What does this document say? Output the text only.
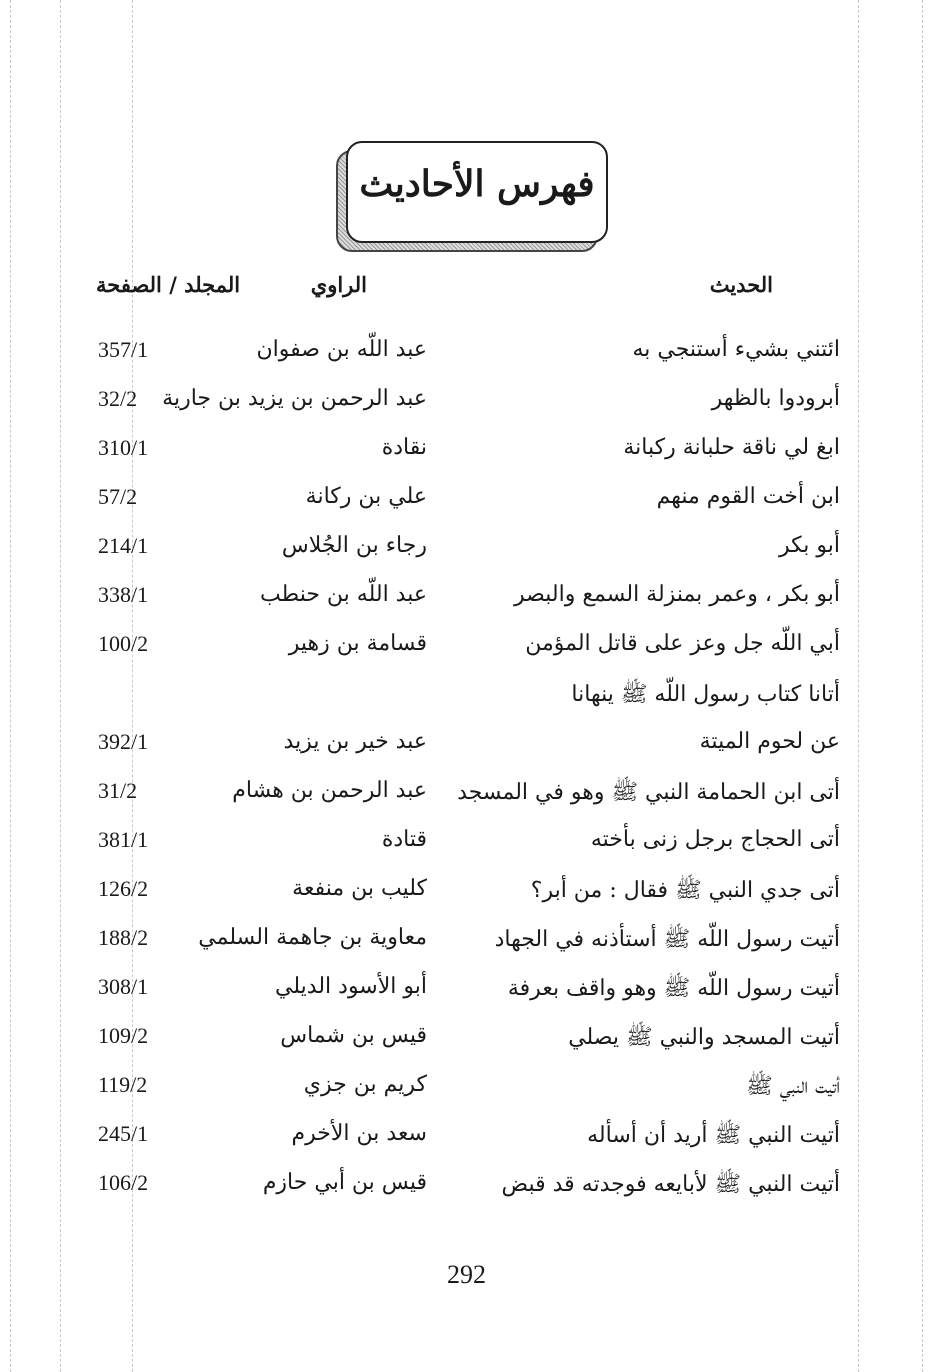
فهرس الأحاديث
الحديث
الراوي
المجلد / الصفحة
ائتني بشيء أستنجي به
عبد اللّه بن صفوان
357/1
أبرودوا بالظهر
عبد الرحمن بن يزيد بن جارية
32/2
ابغ لي ناقة حلبانة ركبانة
نقادة
310/1
ابن أخت القوم منهم
علي بن ركانة
57/2
أبو بكر
رجاء بن الجُلاس
214/1
أبو بكر ، وعمر بمنزلة السمع والبصر
عبد اللّه بن حنطب
338/1
أبي اللّه جل وعز على قاتل المؤمن
قسامة بن زهير
100/2
أتانا كتاب رسول اللّه ﷺ ينهانا
عن لحوم الميتة
عبد خير بن يزيد
392/1
أتى ابن الحمامة النبي ﷺ وهو في المسجد
عبد الرحمن بن هشام
31/2
أتى الحجاج برجل زنى بأخته
قتادة
381/1
أتى جدي النبي ﷺ فقال : من أبر؟
كليب بن منفعة
126/2
أتيت رسول اللّه ﷺ أستأذنه في الجهاد
معاوية بن جاهمة السلمي
188/2
أتيت رسول اللّه ﷺ وهو واقف بعرفة
أبو الأسود الديلي
308/1
أتيت المسجد والنبي ﷺ يصلي
قيس بن شماس
109/2
أتيت النبي ﷺ
كريم بن جزي
119/2
أتيت النبي ﷺ أريد أن أسأله
سعد بن الأخرم
245/1
أتيت النبي ﷺ لأبايعه فوجدته قد قبض
قيس بن أبي حازم
106/2
292
